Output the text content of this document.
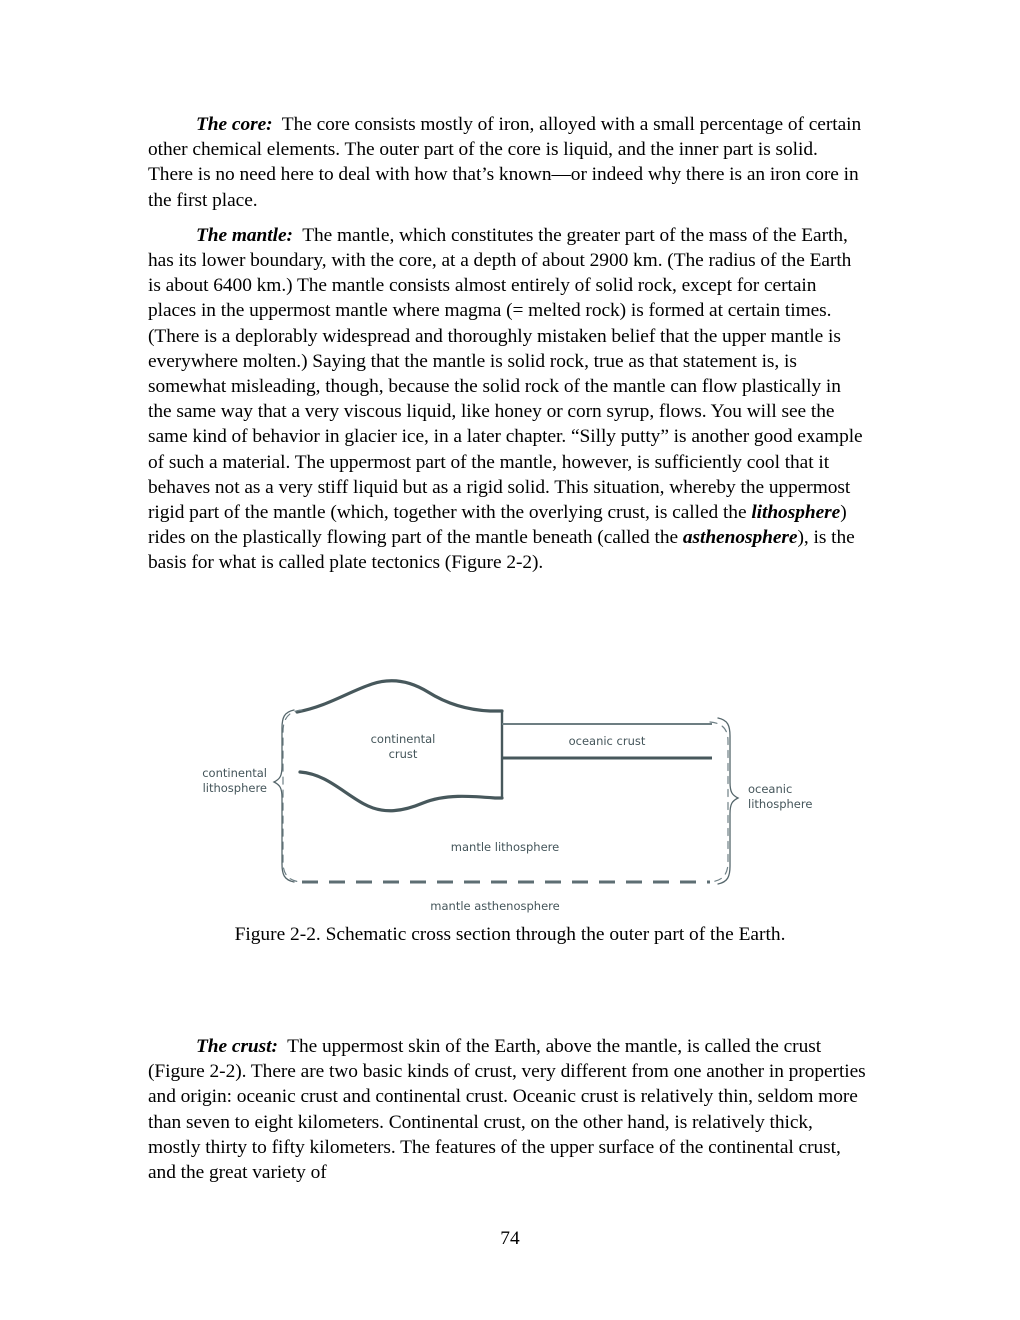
The core: The core consists mostly of iron, alloyed with a small percentage of certain other chemical elements. The outer part of the core is liquid, and the inner part is solid. There is no need here to deal with how that’s known—or indeed why there is an iron core in the first place.

The mantle: The mantle, which constitutes the greater part of the mass of the Earth, has its lower boundary, with the core, at a depth of about 2900 km. (The radius of the Earth is about 6400 km.) The mantle consists almost entirely of solid rock, except for certain places in the uppermost mantle where magma (= melted rock) is formed at certain times. (There is a deplorably widespread and thoroughly mistaken belief that the upper mantle is everywhere molten.) Saying that the mantle is solid rock, true as that statement is, is somewhat misleading, though, because the solid rock of the mantle can flow plastically in the same way that a very viscous liquid, like honey or corn syrup, flows. You will see the same kind of behavior in glacier ice, in a later chapter. “Silly putty” is another good example of such a material. The uppermost part of the mantle, however, is sufficiently cool that it behaves not as a very stiff liquid but as a rigid solid. This situation, whereby the uppermost rigid part of the mantle (which, together with the overlying crust, is called the lithosphere) rides on the plastically flowing part of the mantle beneath (called the asthenosphere), is the basis for what is called plate tectonics (Figure 2-2).

continental
crust
oceanic crust
mantle lithosphere
mantle asthenosphere
continental
lithosphere	oceanic
lithosphere
Figure 2-2. Schematic cross section through the outer part of the Earth.

The crust: The uppermost skin of the Earth, above the mantle, is called the crust (Figure 2-2). There are two basic kinds of crust, very different from one another in properties and origin: oceanic crust and continental crust. Oceanic crust is relatively thin, seldom more than seven to eight kilometers. Continental crust, on the other hand, is relatively thick, mostly thirty to fifty kilometers. The features of the upper surface of the continental crust, and the great variety of

74
